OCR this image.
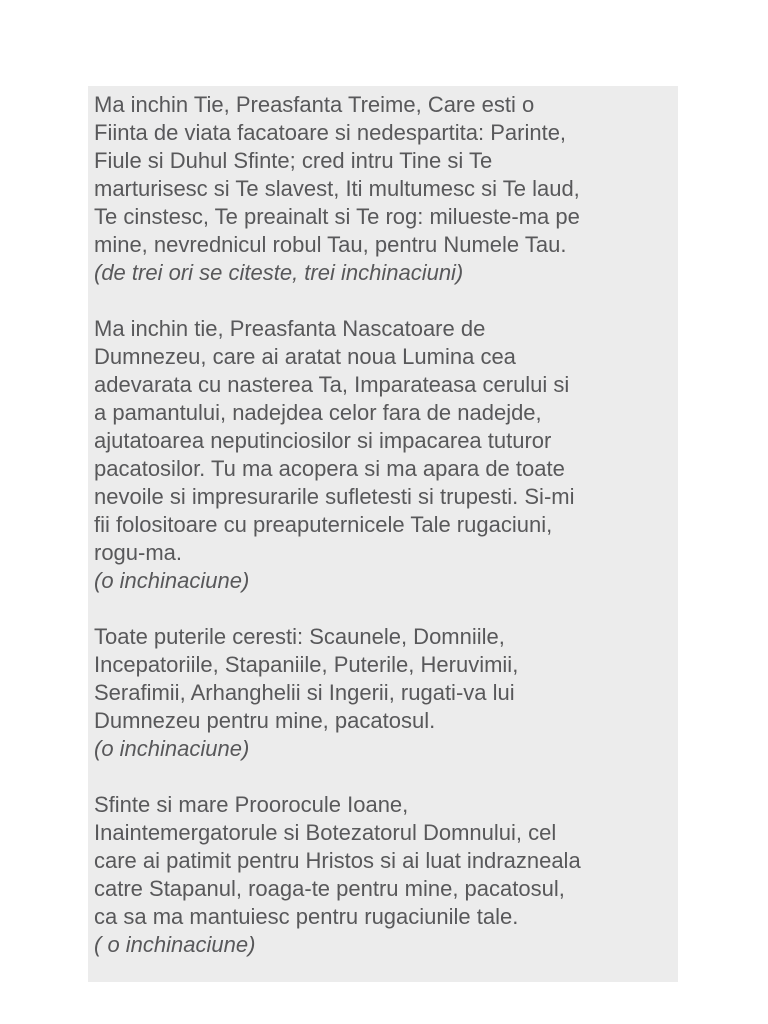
Ma inchin Tie, Preasfanta Treime, Care esti o
Fiinta de viata facatoare si nedespartita: Parinte,
Fiule si Duhul Sfinte; cred intru Tine si Te
marturisesc si Te slavest, Iti multumesc si Te laud,
Te cinstesc, Te preainalt si Te rog: milueste-ma pe
mine, nevrednicul robul Tau, pentru Numele Tau.
(de trei ori se citeste, trei inchinaciuni)
Ma inchin tie, Preasfanta Nascatoare de
Dumnezeu, care ai aratat noua Lumina cea
adevarata cu nasterea Ta, Imparateasa cerului si
a pamantului, nadejdea celor fara de nadejde,
ajutatoarea neputinciosilor si impacarea tuturor
pacatosilor. Tu ma acopera si ma apara de toate
nevoile si impresurarile sufletesti si trupesti. Si-mi
fii folositoare cu preaputernicele Tale rugaciuni,
rogu-ma.
(o inchinaciune)
Toate puterile ceresti: Scaunele, Domniile,
Incepatoriile, Stapaniile, Puterile, Heruvimii,
Serafimii, Arhanghelii si Ingerii, rugati-va lui
Dumnezeu pentru mine, pacatosul.
(o inchinaciune)
Sfinte si mare Proorocule Ioane,
Inaintemergatorule si Botezatorul Domnului, cel
care ai patimit pentru Hristos si ai luat indrazneala
catre Stapanul, roaga-te pentru mine, pacatosul,
ca sa ma mantuiesc pentru rugaciunile tale.
( o inchinaciune)
